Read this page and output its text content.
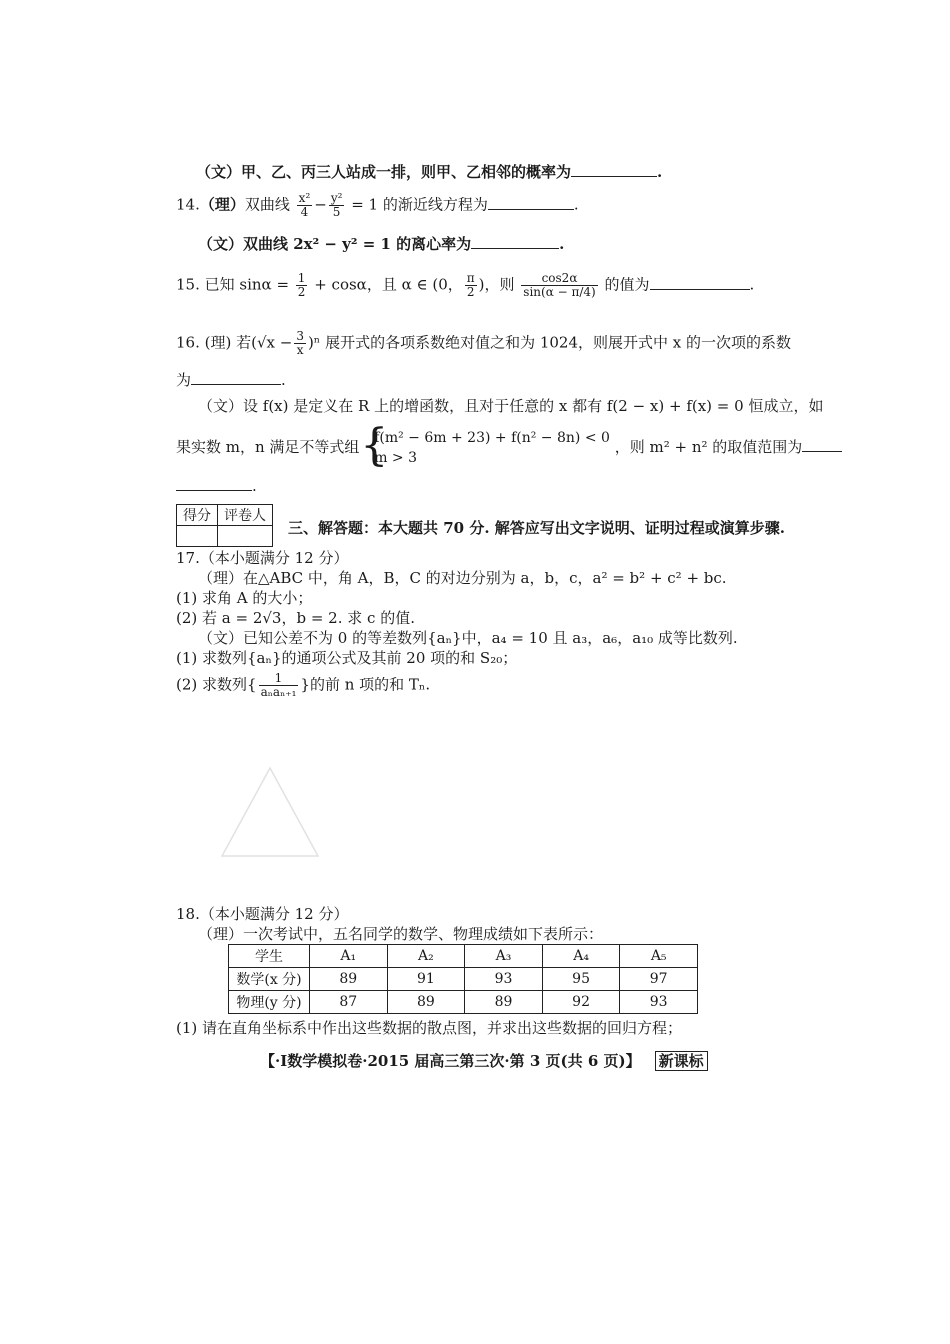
（文）甲、乙、丙三人站成一排，则甲、乙相邻的概率为	.
14.（理）双曲线 $\frac{\text{x²}}{4} - \frac{\text{y²}}{5} = 1$ 的渐近线方程为	.
（文）双曲线 2x² − y² = 1 的离心率为	.
15. 已知 $\sin\alpha = \frac{1}{2} + \cos\alpha$，且 α ∈ (0， $\frac{\pi}{2}$ )，则 $\frac{\cos 2\alpha}{\sin(\alpha - \pi/4)}$ 的值为	.
16. (理) 若$(√x - \frac{3}{x} )^n$ 展开式的各项系数绝对值之和为 1024，则展开式中 x 的一次项的系数
为	.
（文）设 f(x) 是定义在 R 上的增函数，且对于任意的 x 都有 f(2 − x) + f(x) = 0 恒成立，如
果实数 m，n 满足不等式组 { f(m² − 6m + 23) + f(n² − 8n) < 0
m > 3
，则 m² + n² 的取值范围为
.
得分	评卷人

三、解答题：本大题共 70 分. 解答应写出文字说明、证明过程或演算步骤.
17.（本小题满分 12 分）
（理）在△ABC 中，角 A，B，C 的对边分别为 a，b，c，a² = b² + c² + bc.
(1) 求角 A 的大小；
(2) 若 a = 2√3，b = 2. 求 c 的值.
（文）已知公差不为 0 的等差数列{aₙ}中，a₄ = 10 且 a₃，a₆，a₁₀ 成等比数列.
(1) 求数列{aₙ}的通项公式及其前 20 项的和 S₂₀；
(2) 求数列{ $\frac{1}{\text{aₙaₙ₊₁}}$ }的前 n 项的和 Tₙ.
18.（本小题满分 12 分）
（理）一次考试中，五名同学的数学、物理成绩如下表所示：
学生	A₁	A₂	A₃	A₄	A₅
数学(x 分)	89	91	93	95	97
物理(y 分)	87	89	89	92	93
(1) 请在直角坐标系中作出这些数据的散点图，并求出这些数据的回归方程；
【·Ⅰ数学模拟卷·2015 届高三第三次·第 3 页(共 6 页)】 新课标
